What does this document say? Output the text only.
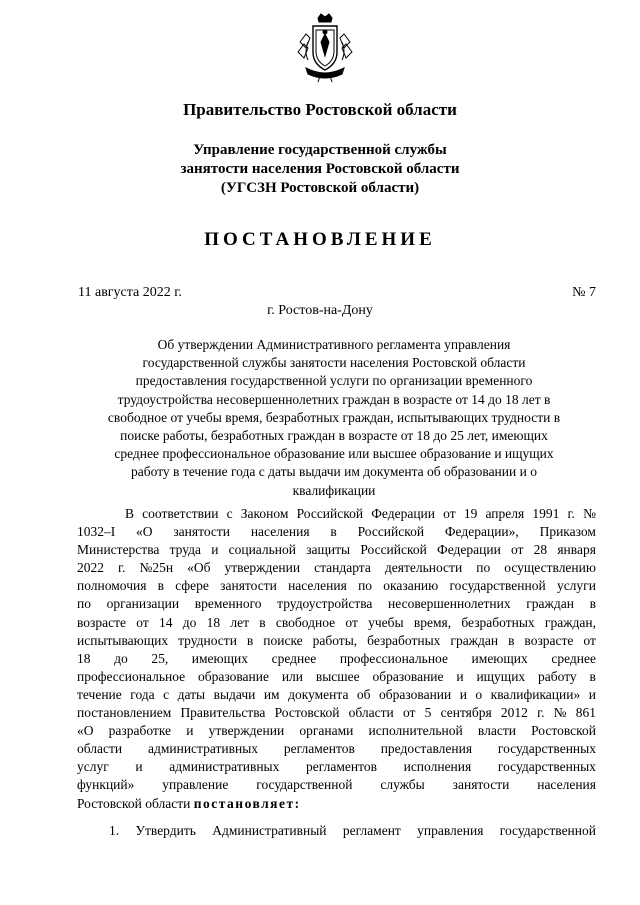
Правительство Ростовской области
Управление государственной службы
занятости населения Ростовской области
(УГСЗН Ростовской области)
ПОСТАНОВЛЕНИЕ
11 августа 2022 г.	№ 7
г. Ростов-на-Дону
Об утверждении Административного регламента управления
государственной службы занятости населения Ростовской области
предоставления государственной услуги по организации временного
трудоустройства несовершеннолетних граждан в возрасте от 14 до 18 лет в
свободное от учебы время, безработных граждан, испытывающих трудности в
поиске работы, безработных граждан в возрасте от 18 до 25 лет, имеющих
среднее профессиональное образование или высшее образование и ищущих
работу в течение года с даты выдачи им документа об образовании и о
квалификации
В соответствии с Законом Российской Федерации от 19 апреля 1991 г. №
1032–I «О занятости населения в Российской Федерации», Приказом
Министерства труда и социальной защиты Российской Федерации от 28 января
2022 г. №25н «Об утверждении стандарта деятельности по осуществлению
полномочия в сфере занятости населения по оказанию государственной услуги
по организации временного трудоустройства несовершеннолетних граждан в
возрасте от 14 до 18 лет в свободное от учебы время, безработных граждан,
испытывающих трудности в поиске работы, безработных граждан в возрасте от
18 до 25, имеющих среднее профессиональное имеющих среднее
профессиональное образование или высшее образование и ищущих работу в
течение года с даты выдачи им документа об образовании и о квалификации» и
постановлением Правительства Ростовской области от 5 сентября 2012 г. № 861
«О разработке и утверждении органами исполнительной власти Ростовской
области административных регламентов предоставления государственных
услуг и административных регламентов исполнения государственных
функций» управление государственной службы занятости населения
Ростовской области постановляет:
1. Утвердить Административный регламент управления государственной
